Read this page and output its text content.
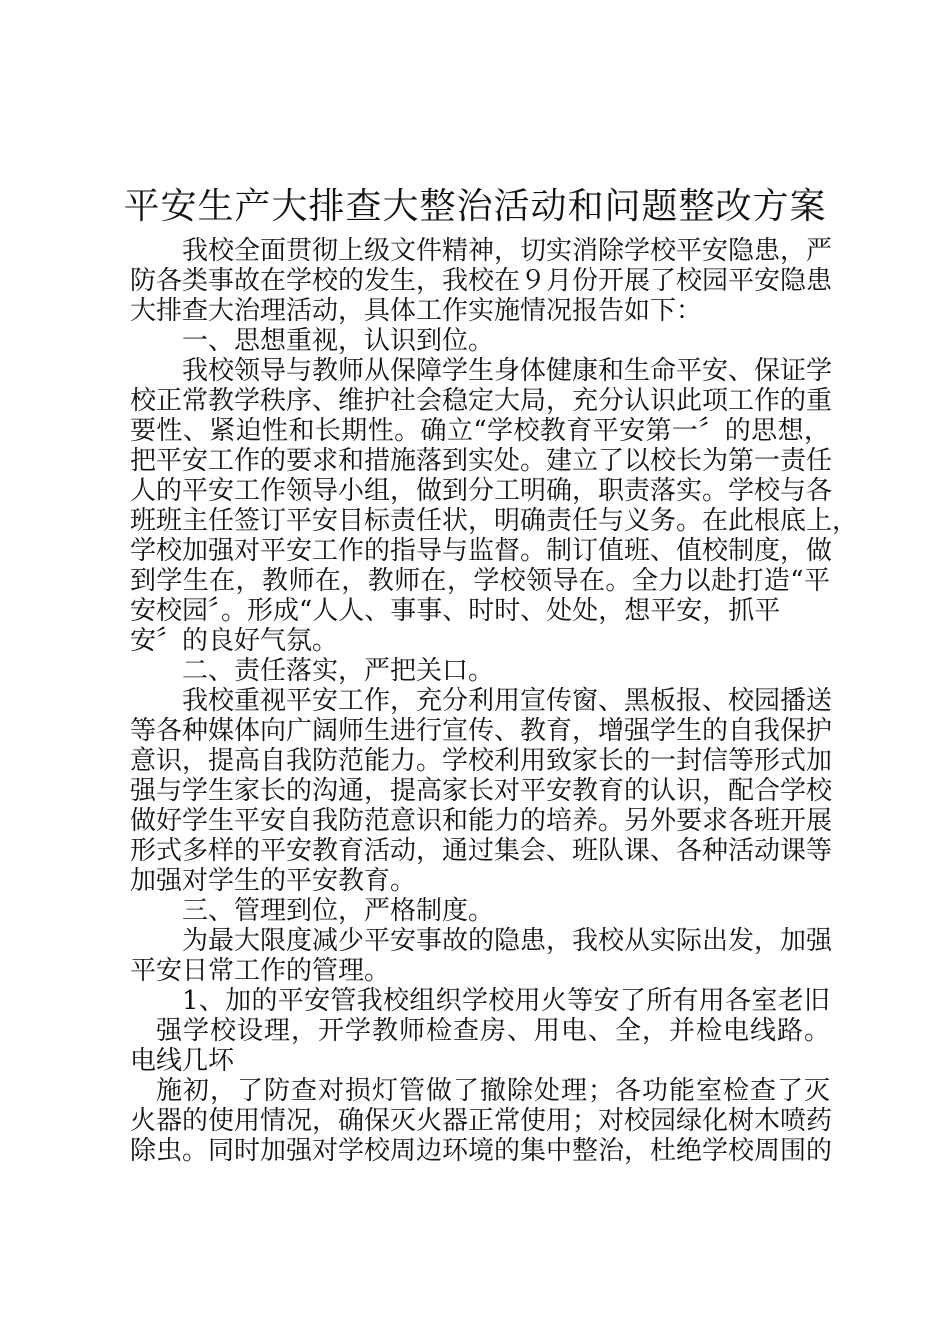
平安生产大排查大整治活动和问题整改方案
我校全面贯彻上级文件精神，切实消除学校平安隐患，严
防各类事故在学校的发生，我校在９月份开展了校园平安隐患
大排查大治理活动，具体工作实施情况报告如下：
一、思想重视，认识到位。
我校领导与教师从保障学生身体健康和生命平安、保证学
校正常教学秩序、维护社会稳定大局，充分认识此项工作的重
要性、紧迫性和长期性。确立“学校教育平安第一〞的思想，
把平安工作的要求和措施落到实处。建立了以校长为第一责任
人的平安工作领导小组，做到分工明确，职责落实。学校与各
班班主任签订平安目标责任状，明确责任与义务。在此根底上，
学校加强对平安工作的指导与监督。制订值班、值校制度，做
到学生在，教师在，教师在，学校领导在。全力以赴打造“平
安校园〞。形成“人人、事事、时时、处处，想平安，抓平
安〞的良好气氛。
二、责任落实，严把关口。
我校重视平安工作，充分利用宣传窗、黑板报、校园播送
等各种媒体向广阔师生进行宣传、教育，增强学生的自我保护
意识，提高自我防范能力。学校利用致家长的一封信等形式加
强与学生家长的沟通，提高家长对平安教育的认识，配合学校
做好学生平安自我防范意识和能力的培养。另外要求各班开展
形式多样的平安教育活动，通过集会、班队课、各种活动课等
加强对学生的平安教育。
三、管理到位，严格制度。
为最大限度减少平安事故的隐患，我校从实际出发，加强
平安日常工作的管理。
1、加的平安管我校组织学校用火等安了所有用各室老旧
强学校设理，开学教师检查房、用电、全，并检电线路。
电线几坏
施初，了防查对损灯管做了撤除处理；各功能室检查了灭
火器的使用情况，确保灭火器正常使用；对校园绿化树木喷药
除虫。同时加强对学校周边环境的集中整治，杜绝学校周围的
